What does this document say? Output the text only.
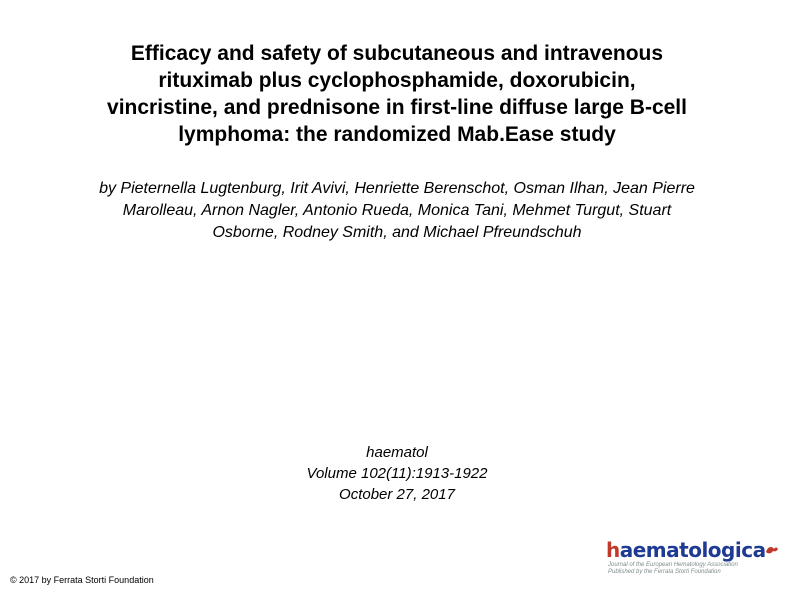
Efficacy and safety of subcutaneous and intravenous
rituximab plus cyclophosphamide, doxorubicin,
vincristine, and prednisone in first-line diffuse large B-cell
lymphoma: the randomized Mab.Ease study
by Pieternella Lugtenburg, Irit Avivi, Henriette Berenschot, Osman Ilhan, Jean Pierre
Marolleau, Arnon Nagler, Antonio Rueda, Monica Tani, Mehmet Turgut, Stuart
Osborne, Rodney Smith, and Michael Pfreundschuh
haematol
Volume 102(11):1913-1922
October 27, 2017
© 2017 by Ferrata Storti Foundation
haematologica
Journal of the European Hematology Association
Published by the Ferrata Storti Foundation
